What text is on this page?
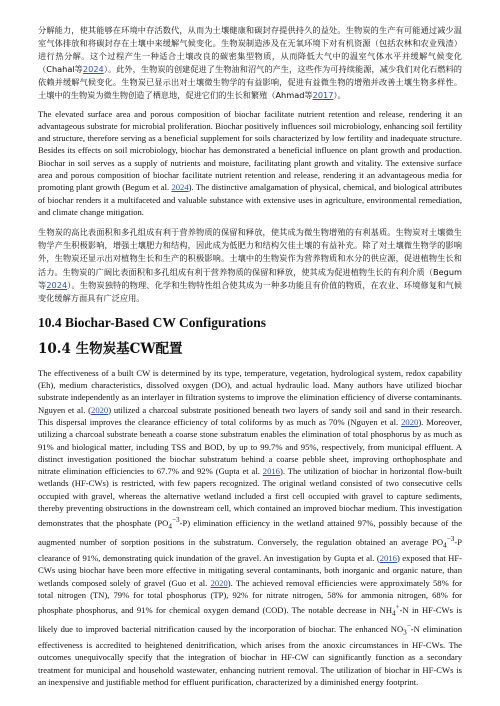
分解能力，使其能够在环境中存活数代，从而为土壤健康和碳封存提供持久的益处。生物炭的生产有可能通过减少温室气体排放和将碳封存在土壤中来缓解气候变化。生物炭制造涉及在无氧环境下对有机资源（包括农林和农业残渣）进行热分解。这个过程产生一种适合土壤改良的碳密集型物质，从而降低大气中的温室气体水平并缓解气候变化（Chahal等2024）。此外，生物炭的创建促进了生物油和沼气的产生，这些作为可持续能源，减少我们对化石燃料的依赖并缓解气候变化。生物炭已显示出对土壤微生物学的有益影响，促进有益微生物的增殖并改善土壤生物多样性。土壤中的生物炭为微生物创造了栖息地，促进它们的生长和繁殖（Ahmad等2017）。

The elevated surface area and porous composition of biochar facilitate nutrient retention and release, rendering it an advantageous substrate for microbial proliferation. Biochar positively influences soil microbiology, enhancing soil fertility and structure, therefore serving as a beneficial supplement for soils characterized by low fertility and inadequate structure. Besides its effects on soil microbiology, biochar has demonstrated a beneficial influence on plant growth and production. Biochar in soil serves as a supply of nutrients and moisture, facilitating plant growth and vitality. The extensive surface area and porous composition of biochar facilitate nutrient retention and release, rendering it an advantageous media for promoting plant growth (Begum et al. 2024). The distinctive amalgamation of physical, chemical, and biological attributes of biochar renders it a multifaceted and valuable substance with extensive uses in agriculture, environmental remediation, and climate change mitigation.

生物炭的高比表面积和多孔组成有利于营养物质的保留和释放，使其成为微生物增殖的有利基质。生物炭对土壤微生物学产生积极影响，增强土壤肥力和结构，因此成为低肥力和结构欠佳土壤的有益补充。除了对土壤微生物学的影响外，生物炭还显示出对植物生长和生产的积极影响。土壤中的生物炭作为营养物质和水分的供应源，促进植物生长和活力。生物炭的广阔比表面积和多孔组成有利于营养物质的保留和释放，使其成为促进植物生长的有利介质（Begum等2024）。生物炭独特的物理、化学和生物特性组合使其成为一种多功能且有价值的物质，在农业、环境修复和气候变化缓解方面具有广泛应用。

10.4 Biochar-Based CW Configurations
10.4 生物炭基CW配置

The effectiveness of a built CW is determined by its type, temperature, vegetation, hydrological system, redox capability (Eh), medium characteristics, dissolved oxygen (DO), and actual hydraulic load. Many authors have utilized biochar substrate independently as an interlayer in filtration systems to improve the elimination efficiency of diverse contaminants. Nguyen et al. (2020) utilized a charcoal substrate positioned beneath two layers of sandy soil and sand in their research. This dispersal improves the clearance efficiency of total coliforms by as much as 70% (Nguyen et al. 2020). Moreover, utilizing a charcoal substrate beneath a coarse stone substratum enables the elimination of total phosphorus by as much as 91% and biological matter, including TSS and BOD, by up to 99.7% and 95%, respectively, from municipal effluent. A distinct investigation positioned the biochar substratum behind a coarse pebble sheet, improving orthophosphate and nitrate elimination efficiencies to 67.7% and 92% (Gupta et al. 2016). The utilization of biochar in horizontal flow-built wetlands (HF-CWs) is restricted, with few papers recognized. The original wetland consisted of two consecutive cells occupied with gravel, whereas the alternative wetland included a first cell occupied with gravel to capture sediments, thereby preventing obstructions in the downstream cell, which contained an improved biochar medium. This investigation demonstrates that the phosphate $(PO_4^{-3}-P)$ elimination efficiency in the wetland attained 97%, possibly because of the augmented number of sorption positions in the substratum. Conversely, the regulation obtained an average $PO_4^{-3}-P$ clearance of 91%, demonstrating quick inundation of the gravel. An investigation by Gupta et al. (2016) exposed that HF-CWs using biochar have been more effective in mitigating several contaminants, both inorganic and organic nature, than wetlands composed solely of gravel (Guo et al. 2020). The achieved removal efficiencies were approximately 58% for total nitrogen (TN), 79% for total phosphorus (TP), 92% for nitrate nitrogen, 58% for ammonia nitrogen, 68% for phosphate phosphorus, and 91% for chemical oxygen demand (COD). The notable decrease in $NH_4^+-N$ in HF-CWs is likely due to improved bacterial nitrification caused by the incorporation of biochar. The enhanced $NO_3^--N$ elimination effectiveness is accredited to heightened denitrification, which arises from the anoxic circumstances in HF-CWs. The outcomes unequivocally specify that the integration of biochar in HF-CW can significantly function as a secondary treatment for municipal and household wastewater, enhancing nutrient removal. The utilization of biochar in HF-CWs is an inexpensive and justifiable method for effluent purification, characterized by a diminished energy footprint.
